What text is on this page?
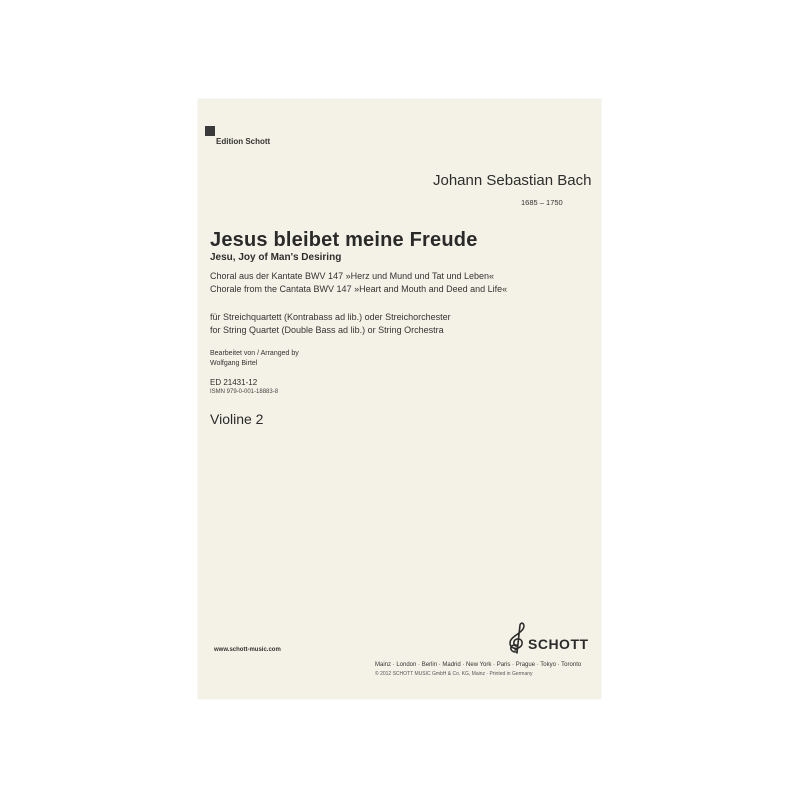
Edition Schott
Johann Sebastian Bach
1685 – 1750
Jesus bleibet meine Freude
Jesu, Joy of Man's Desiring
Choral aus der Kantate BWV 147 »Herz und Mund und Tat und Leben«
Chorale from the Cantata BWV 147 »Heart and Mouth and Deed and Life«
für Streichquartett (Kontrabass ad lib.) oder Streichorchester
for String Quartet (Double Bass ad lib.) or String Orchestra
Bearbeitet von / Arranged by
Wolfgang Birtel
ED 21431-12
ISMN 979-0-001-18883-8
Violine 2
www.schott-music.com	SCHOTT
Mainz · London · Berlin · Madrid · New York · Paris · Prague · Tokyo · Toronto
© 2012 SCHOTT MUSIC GmbH & Co. KG, Mainz · Printed in Germany
